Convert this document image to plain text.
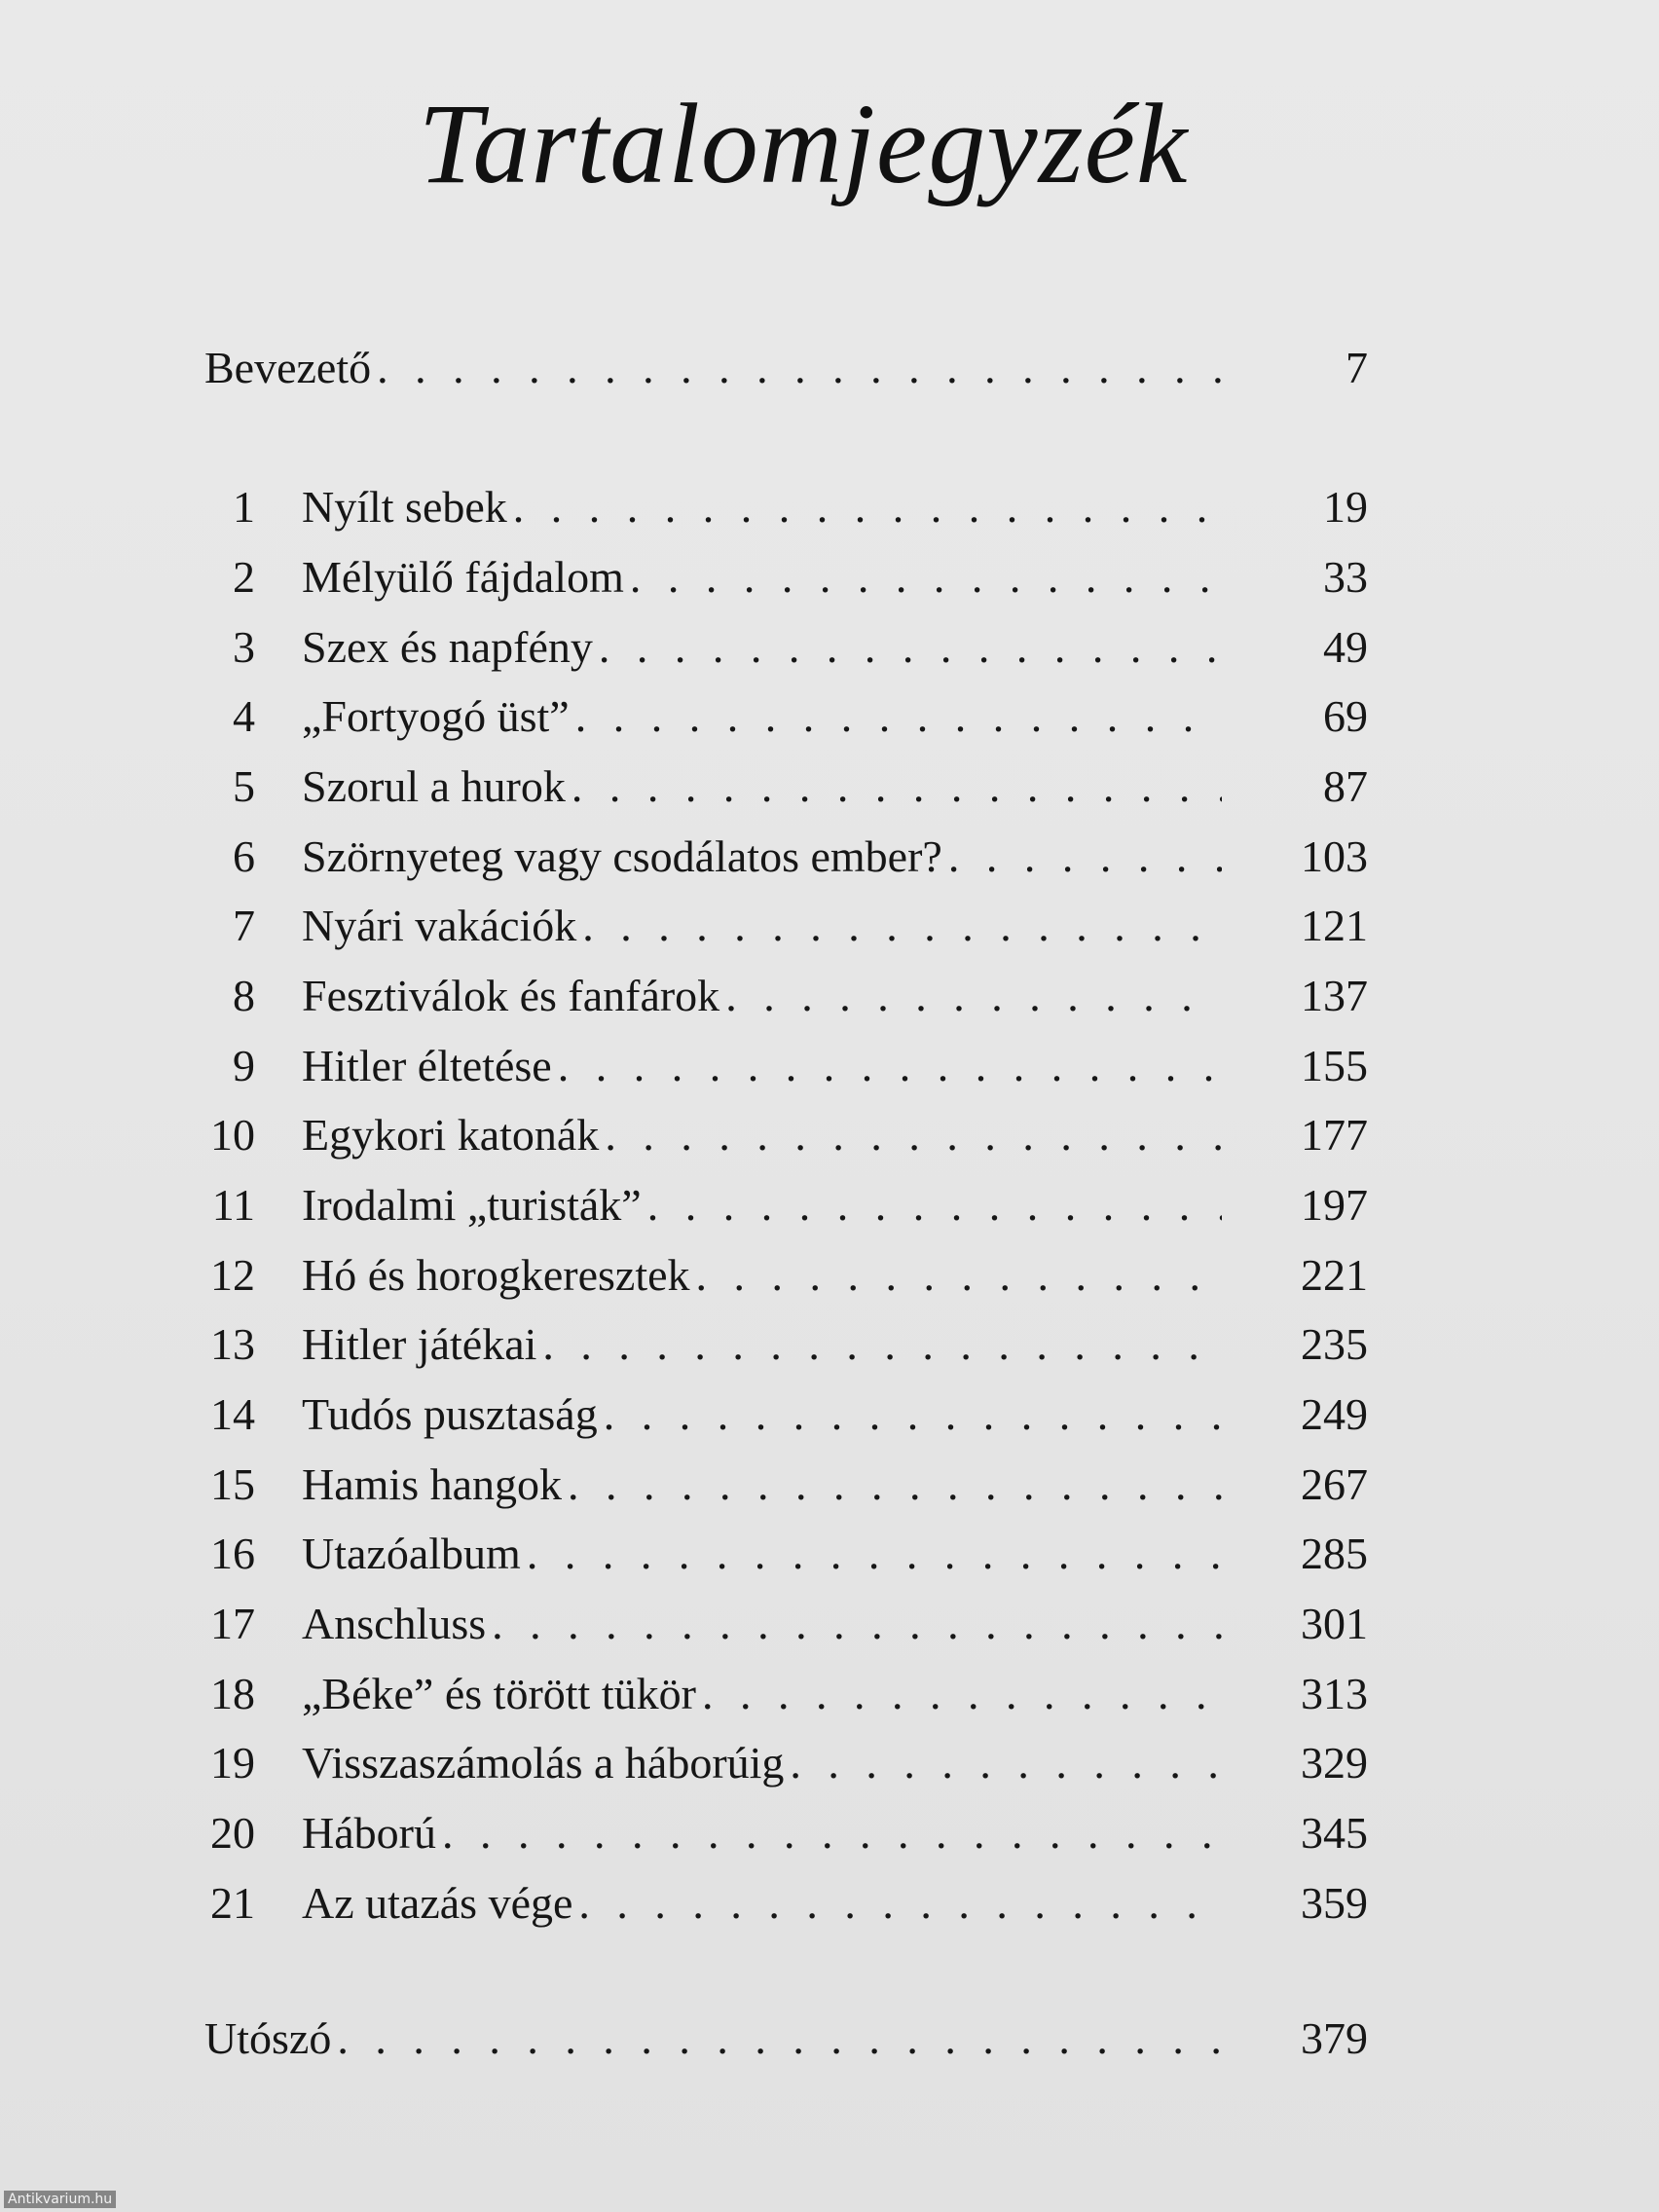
Tartalomjegyzék
Bevezető . . .	7
1 Nyílt sebek . . .	19
2 Mélyülő fájdalom . . .	33
3 Szex és napfény . . .	49
4 „Fortyogó üst” . . .	69
5 Szorul a hurok . . .	87
6 Szörnyeteg vagy csodálatos ember? . . .	103
7 Nyári vakációk . . .	121
8 Fesztiválok és fanfárok . . .	137
9 Hitler éltetése . . .	155
10 Egykori katonák . . .	177
11 Irodalmi „turisták” . . .	197
12 Hó és horogkeresztek . . .	221
13 Hitler játékai . . .	235
14 Tudós pusztaság . . .	249
15 Hamis hangok . . .	267
16 Utazóalbum . . .	285
17 Anschluss . . .	301
18 „Béke” és törött tükör . . .	313
19 Visszaszámolás a háborúig . . .	329
20 Háború . . .	345
21 Az utazás vége . . .	359
Utószó . . .	379
Antikvarium.hu
